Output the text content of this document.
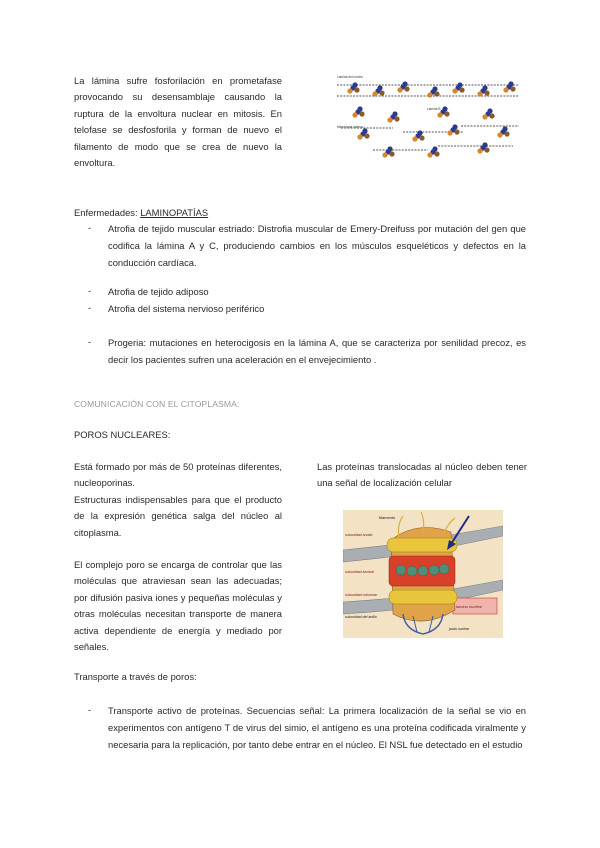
La lámina sufre fosforilación en prometafase provocando su desensamblaje causando la ruptura de la envoltura nuclear en mitosis. En telofase se desfosforila y forman de nuevo el filamento de modo que se crea de nuevo la envoltura.
Lamina del núcleo
Lamina B
Membrana interna
Enfermedades: LAMINOPATÍAS
- Atrofia de tejido muscular estriado: Distrofia muscular de Emery-Dreifuss por mutación del gen que codifica la lámina A y C, produciendo cambios en los músculos esqueléticos y defectos en la conducción cardíaca.
- Atrofia de tejido adiposo
- Atrofia del sistema nervioso periférico
- Progeria: mutaciones en heterocigosis en la lámina A, que se caracteriza por senilidad precoz, es decir los pacientes sufren una aceleración en el envejecimiento .
COMUNICACIÓN CON EL CITOPLASMA:
POROS NUCLEARES:
Está formado por más de 50 proteínas diferentes, nucleoporinas.
Estructuras indispensables para que el producto de la expresión genética salga del núcleo al citoplasma.
El complejo poro se encarga de controlar que las moléculas que atraviesan sean las adecuadas; por difusión pasiva iones y pequeñas moléculas y otras moléculas necesitan transporte de manera activa dependiente de energía y mediado por señales.
Las proteínas translocadas al núcleo deben tener una señal de localización celular
lamina nuclear
filamento
subunidad anular
subunidad luminal
subunidad columnar
subunidad del anillo
jaula nuclear
Transporte a través de poros:
- Transporte activo de proteínas. Secuencias señal: La primera localización de la señal se vio en experimentos con antígeno T de virus del simio, el antígeno es una proteína codificada viralmente y necesaria para la replicación, por tanto debe entrar en el núcleo. El NSL fue detectado en el estudio
